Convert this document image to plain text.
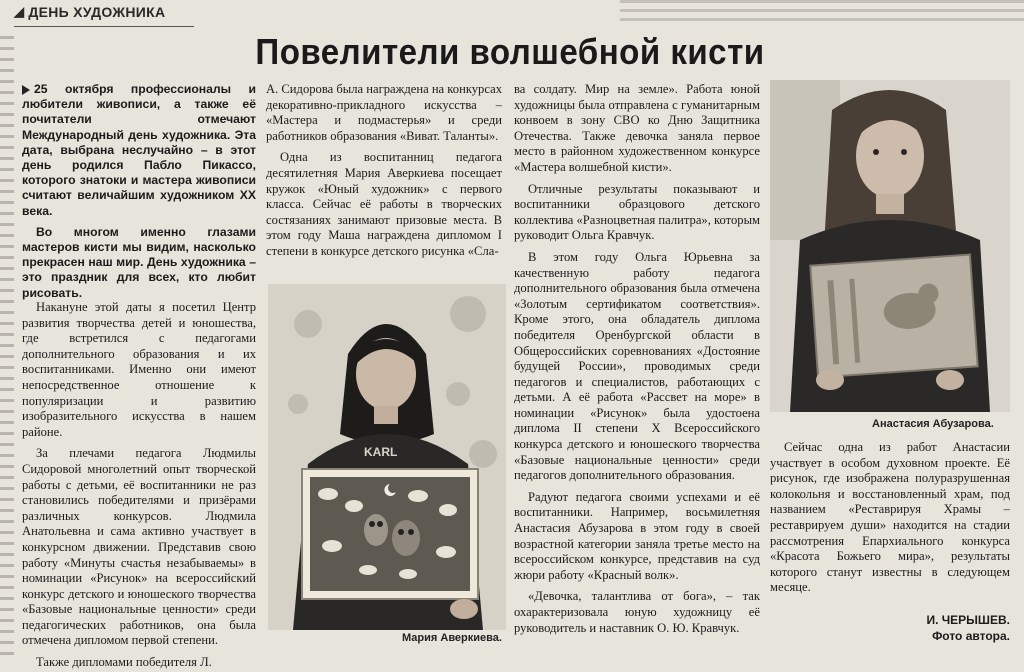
◢ ДЕНЬ ХУДОЖНИКА
Повелители волшебной кисти

25 октября профессионалы и любители живописи, а также её почитатели отмечают Международный день художника. Эта дата, выбрана неслучайно – в этот день родился Пабло Пикассо, которого знатоки и мастера живописи считают величайшим художником XX века.

Во многом именно глазами мастеров кисти мы видим, насколько прекрасен наш мир. День художника – это праздник для всех, кто любит рисовать.

Накануне этой даты я посетил Центр развития творчества детей и юношества, где встретился с педагогами дополнительного образования и их воспитанниками. Именно они имеют непосредственное отношение к популяризации и развитию изобразительного искусства в нашем районе.

За плечами педагога Людмилы Сидоровой многолетний опыт творческой работы с детьми, её воспитанники не раз становились победителями и призёрами различных конкурсов. Людмила Анатольевна и сама активно участвует в конкурсном движении. Представив свою работу «Минуты счастья незабываемы» в номинации «Рисунок» на всероссийский конкурс детского и юношеского творчества «Базовые национальные ценности» среди педагогических работников, она была отмечена дипломом первой степени.

Также дипломами победителя Л.

А. Сидорова была награждена на конкурсах декоративно-прикладного искусства – «Мастера и подмастерья» и среди работников образования «Виват. Таланты».

Одна из воспитанниц педагога десятилетняя Мария Аверкиева посещает кружок «Юный художник» с первого класса. Сейчас её работы в творческих состязаниях занимают призовые места. В этом году Маша награждена дипломом I степени в конкурсе детского рисунка «Сла-

KARL
Мария Аверкиева.

ва солдату. Мир на земле». Работа юной художницы была отправлена с гуманитарным конвоем в зону СВО ко Дню Защитника Отечества. Также девочка заняла первое место в районном художественном конкурсе «Мастера волшебной кисти».

Отличные результаты показывают и воспитанники образцового детского коллектива «Разноцветная палитра», которым руководит Ольга Кравчук.

В этом году Ольга Юрьевна за качественную работу педагога дополнительного образования была отмечена «Золотым сертификатом соответствия». Кроме этого, она обладатель диплома победителя Оренбургской области в Общероссийских соревнованиях «Достояние будущей России», проводимых среди педагогов и специалистов, работающих с детьми. А её работа «Рассвет на море» в номинации «Рисунок» была удостоена диплома II степени X Всероссийского конкурса детского и юношеского творчества «Базовые национальные ценности» среди педагогов дополнительного образования.

Радуют педагога своими успехами и её воспитанники. Например, восьмилетняя Анастасия Абузарова в этом году в своей возрастной категории заняла третье место на всероссийском конкурсе, представив на суд жюри работу «Красный волк».

«Девочка, талантлива от бога», – так охарактеризовала юную художницу её руководитель и наставник О. Ю. Кравчук.

Анастасия Абузарова.

Сейчас одна из работ Анастасии участвует в особом духовном проекте. Её рисунок, где изображена полуразрушенная колокольня и восстановленный храм, под названием «Реставрируя Храмы – реставрируем души» находится на стадии рассмотрения Епархиального конкурса «Красота Божьего мира», результаты которого станут известны в следующем месяце.

И. ЧЕРЫШЕВ.
Фото автора.
